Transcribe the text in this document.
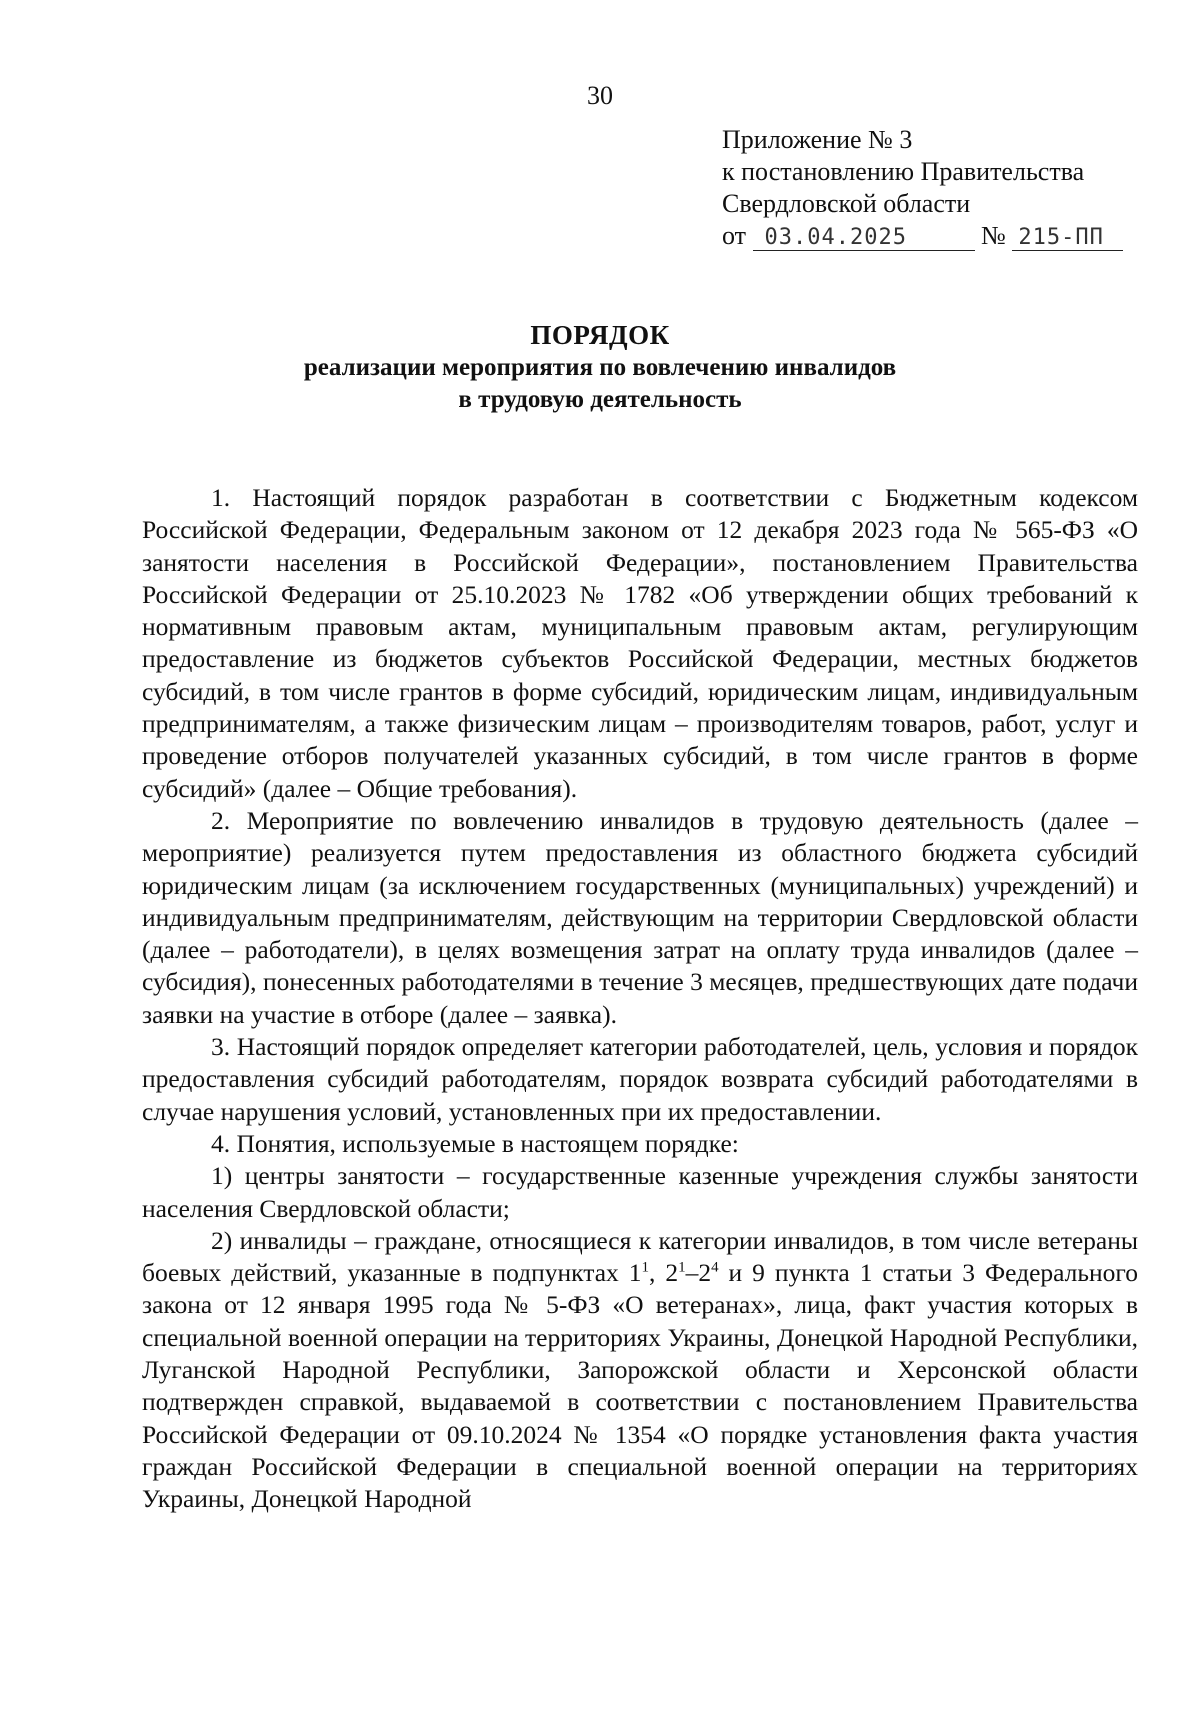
30
Приложение № 3
к постановлению Правительства
Свердловской области
от 03.04.2025	№ 215-ПП
ПОРЯДОК
реализации мероприятия по вовлечению инвалидов
в трудовую деятельность

1. Настоящий порядок разработан в соответствии с Бюджетным кодексом Российской Федерации, Федеральным законом от 12 декабря 2023 года № 565-ФЗ «О занятости населения в Российской Федерации», постановлением Правительства Российской Федерации от 25.10.2023 № 1782 «Об утверждении общих требований к нормативным правовым актам, муниципальным правовым актам, регулирующим предоставление из бюджетов субъектов Российской Федерации, местных бюджетов субсидий, в том числе грантов в форме субсидий, юридическим лицам, индивидуальным предпринимателям, а также физическим лицам – производителям товаров, работ, услуг и проведение отборов получателей указанных субсидий, в том числе грантов в форме субсидий» (далее – Общие требования).

2. Мероприятие по вовлечению инвалидов в трудовую деятельность (далее – мероприятие) реализуется путем предоставления из областного бюджета субсидий юридическим лицам (за исключением государственных (муниципальных) учреждений) и индивидуальным предпринимателям, действующим на территории Свердловской области (далее – работодатели), в целях возмещения затрат на оплату труда инвалидов (далее – субсидия), понесенных работодателями в течение 3 месяцев, предшествующих дате подачи заявки на участие в отборе (далее – заявка).

3. Настоящий порядок определяет категории работодателей, цель, условия и порядок предоставления субсидий работодателям, порядок возврата субсидий работодателями в случае нарушения условий, установленных при их предоставлении.

4. Понятия, используемые в настоящем порядке:

1) центры занятости – государственные казенные учреждения службы занятости населения Свердловской области;

2) инвалиды – граждане, относящиеся к категории инвалидов, в том числе ветераны боевых действий, указанные в подпунктах $1^1$, $2^1-2^4$ и 9 пункта 1 статьи 3 Федерального закона от 12 января 1995 года № 5-ФЗ «О ветеранах», лица, факт участия которых в специальной военной операции на территориях Украины, Донецкой Народной Республики, Луганской Народной Республики, Запорожской области и Херсонской области подтвержден справкой, выдаваемой в соответствии с постановлением Правительства Российской Федерации от 09.10.2024 № 1354 «О порядке установления факта участия граждан Российской Федерации в специальной военной операции на территориях Украины, Донецкой Народной
